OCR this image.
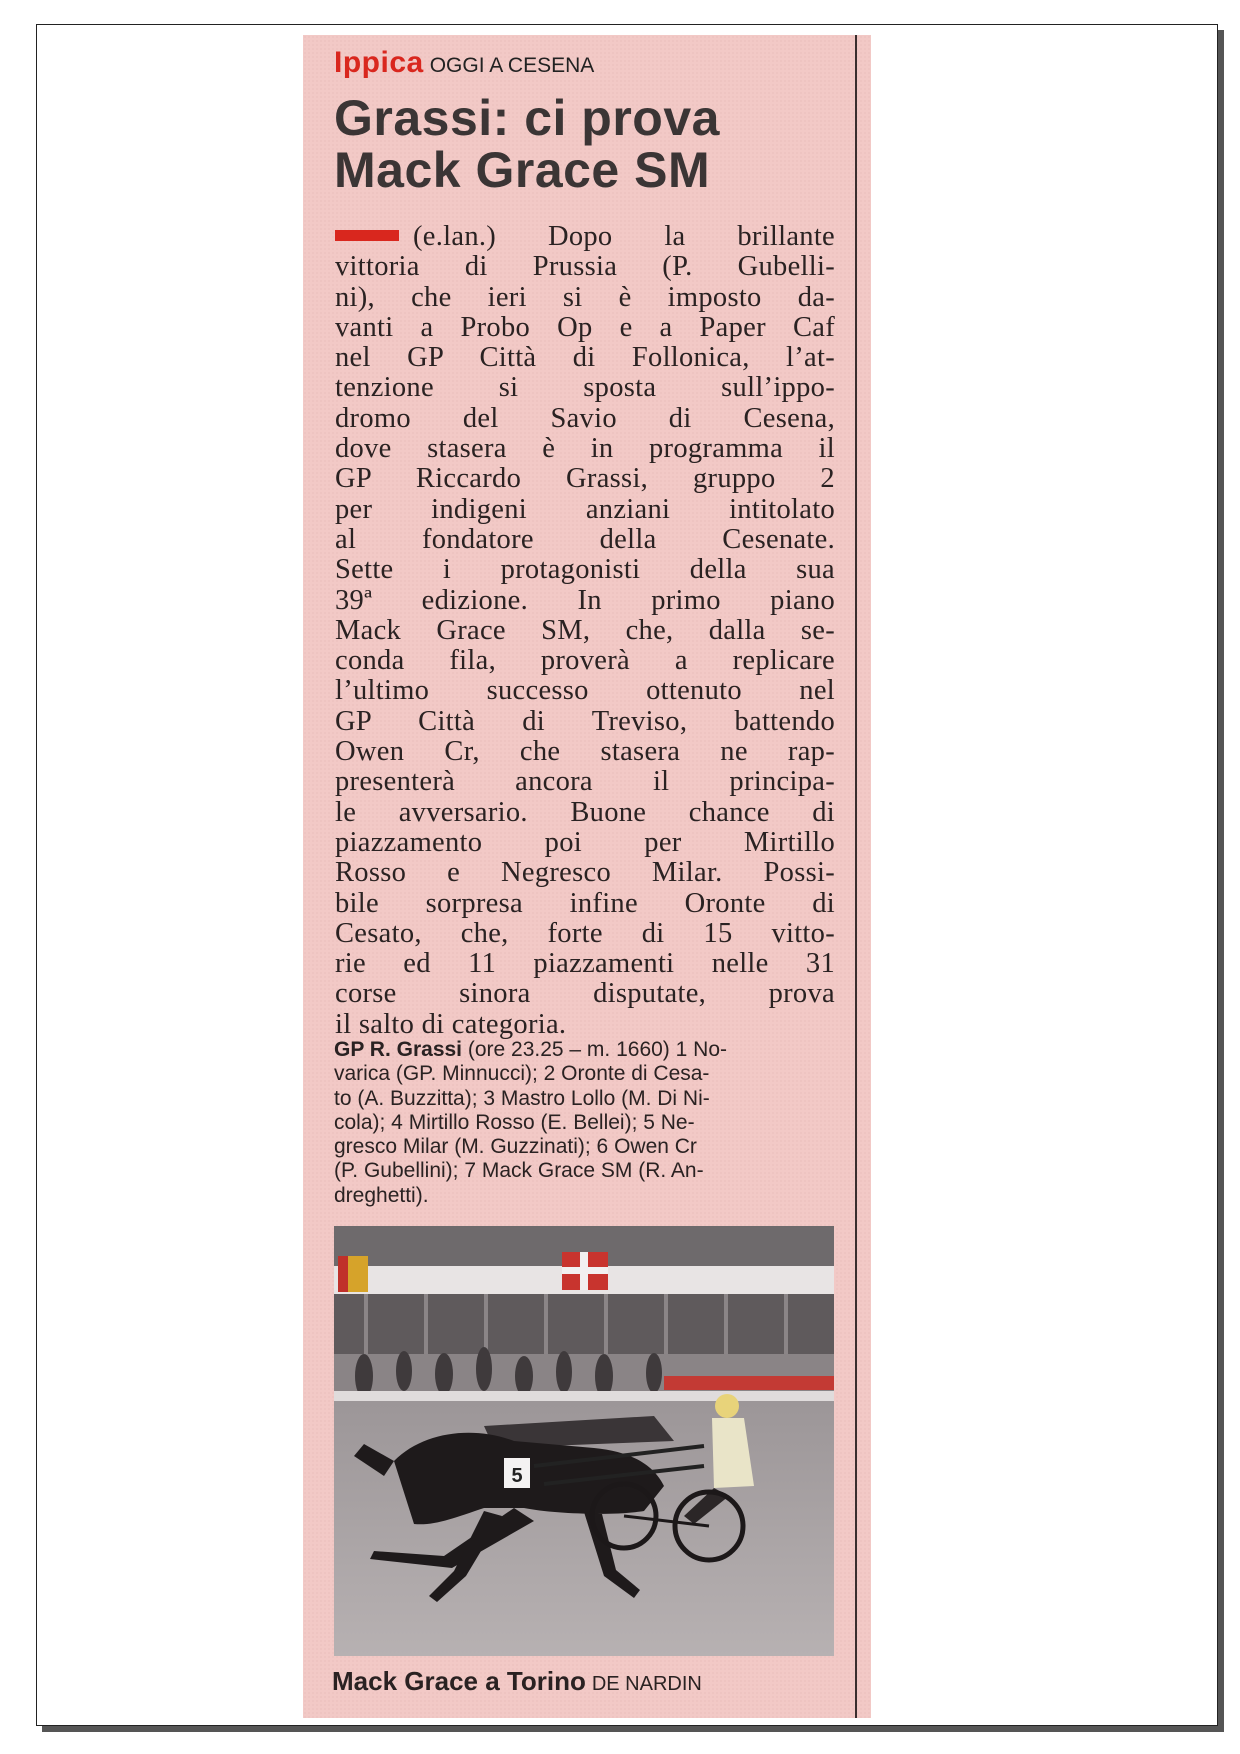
Ippica OGGI A CESENA
Grassi: ci prova
Mack Grace SM
(e.lan.) Dopo la brillante
vittoria di Prussia (P. Gubelli-
ni), che ieri si è imposto da-
vanti a Probo Op e a Paper Caf
nel GP Città di Follonica, l’at-
tenzione si sposta sull’ippo-
dromo del Savio di Cesena,
dove stasera è in programma il
GP Riccardo Grassi, gruppo 2
per indigeni anziani intitolato
al fondatore della Cesenate.
Sette i protagonisti della sua
39ª edizione. In primo piano
Mack Grace SM, che, dalla se-
conda fila, proverà a replicare
l’ultimo successo ottenuto nel
GP Città di Treviso, battendo
Owen Cr, che stasera ne rap-
presenterà ancora il principa-
le avversario. Buone chance di
piazzamento poi per Mirtillo
Rosso e Negresco Milar. Possi-
bile sorpresa infine Oronte di
Cesato, che, forte di 15 vitto-
rie ed 11 piazzamenti nelle 31
corse sinora disputate, prova
il salto di categoria.
GP R. Grassi (ore 23.25 – m. 1660) 1 No-
varica (GP. Minnucci); 2 Oronte di Cesa-
to (A. Buzzitta); 3 Mastro Lollo (M. Di Ni-
cola); 4 Mirtillo Rosso (E. Bellei); 5 Ne-
gresco Milar (M. Guzzinati); 6 Owen Cr
(P. Gubellini); 7 Mack Grace SM (R. An-
dreghetti).
5
Mack Grace a Torino DE NARDIN
